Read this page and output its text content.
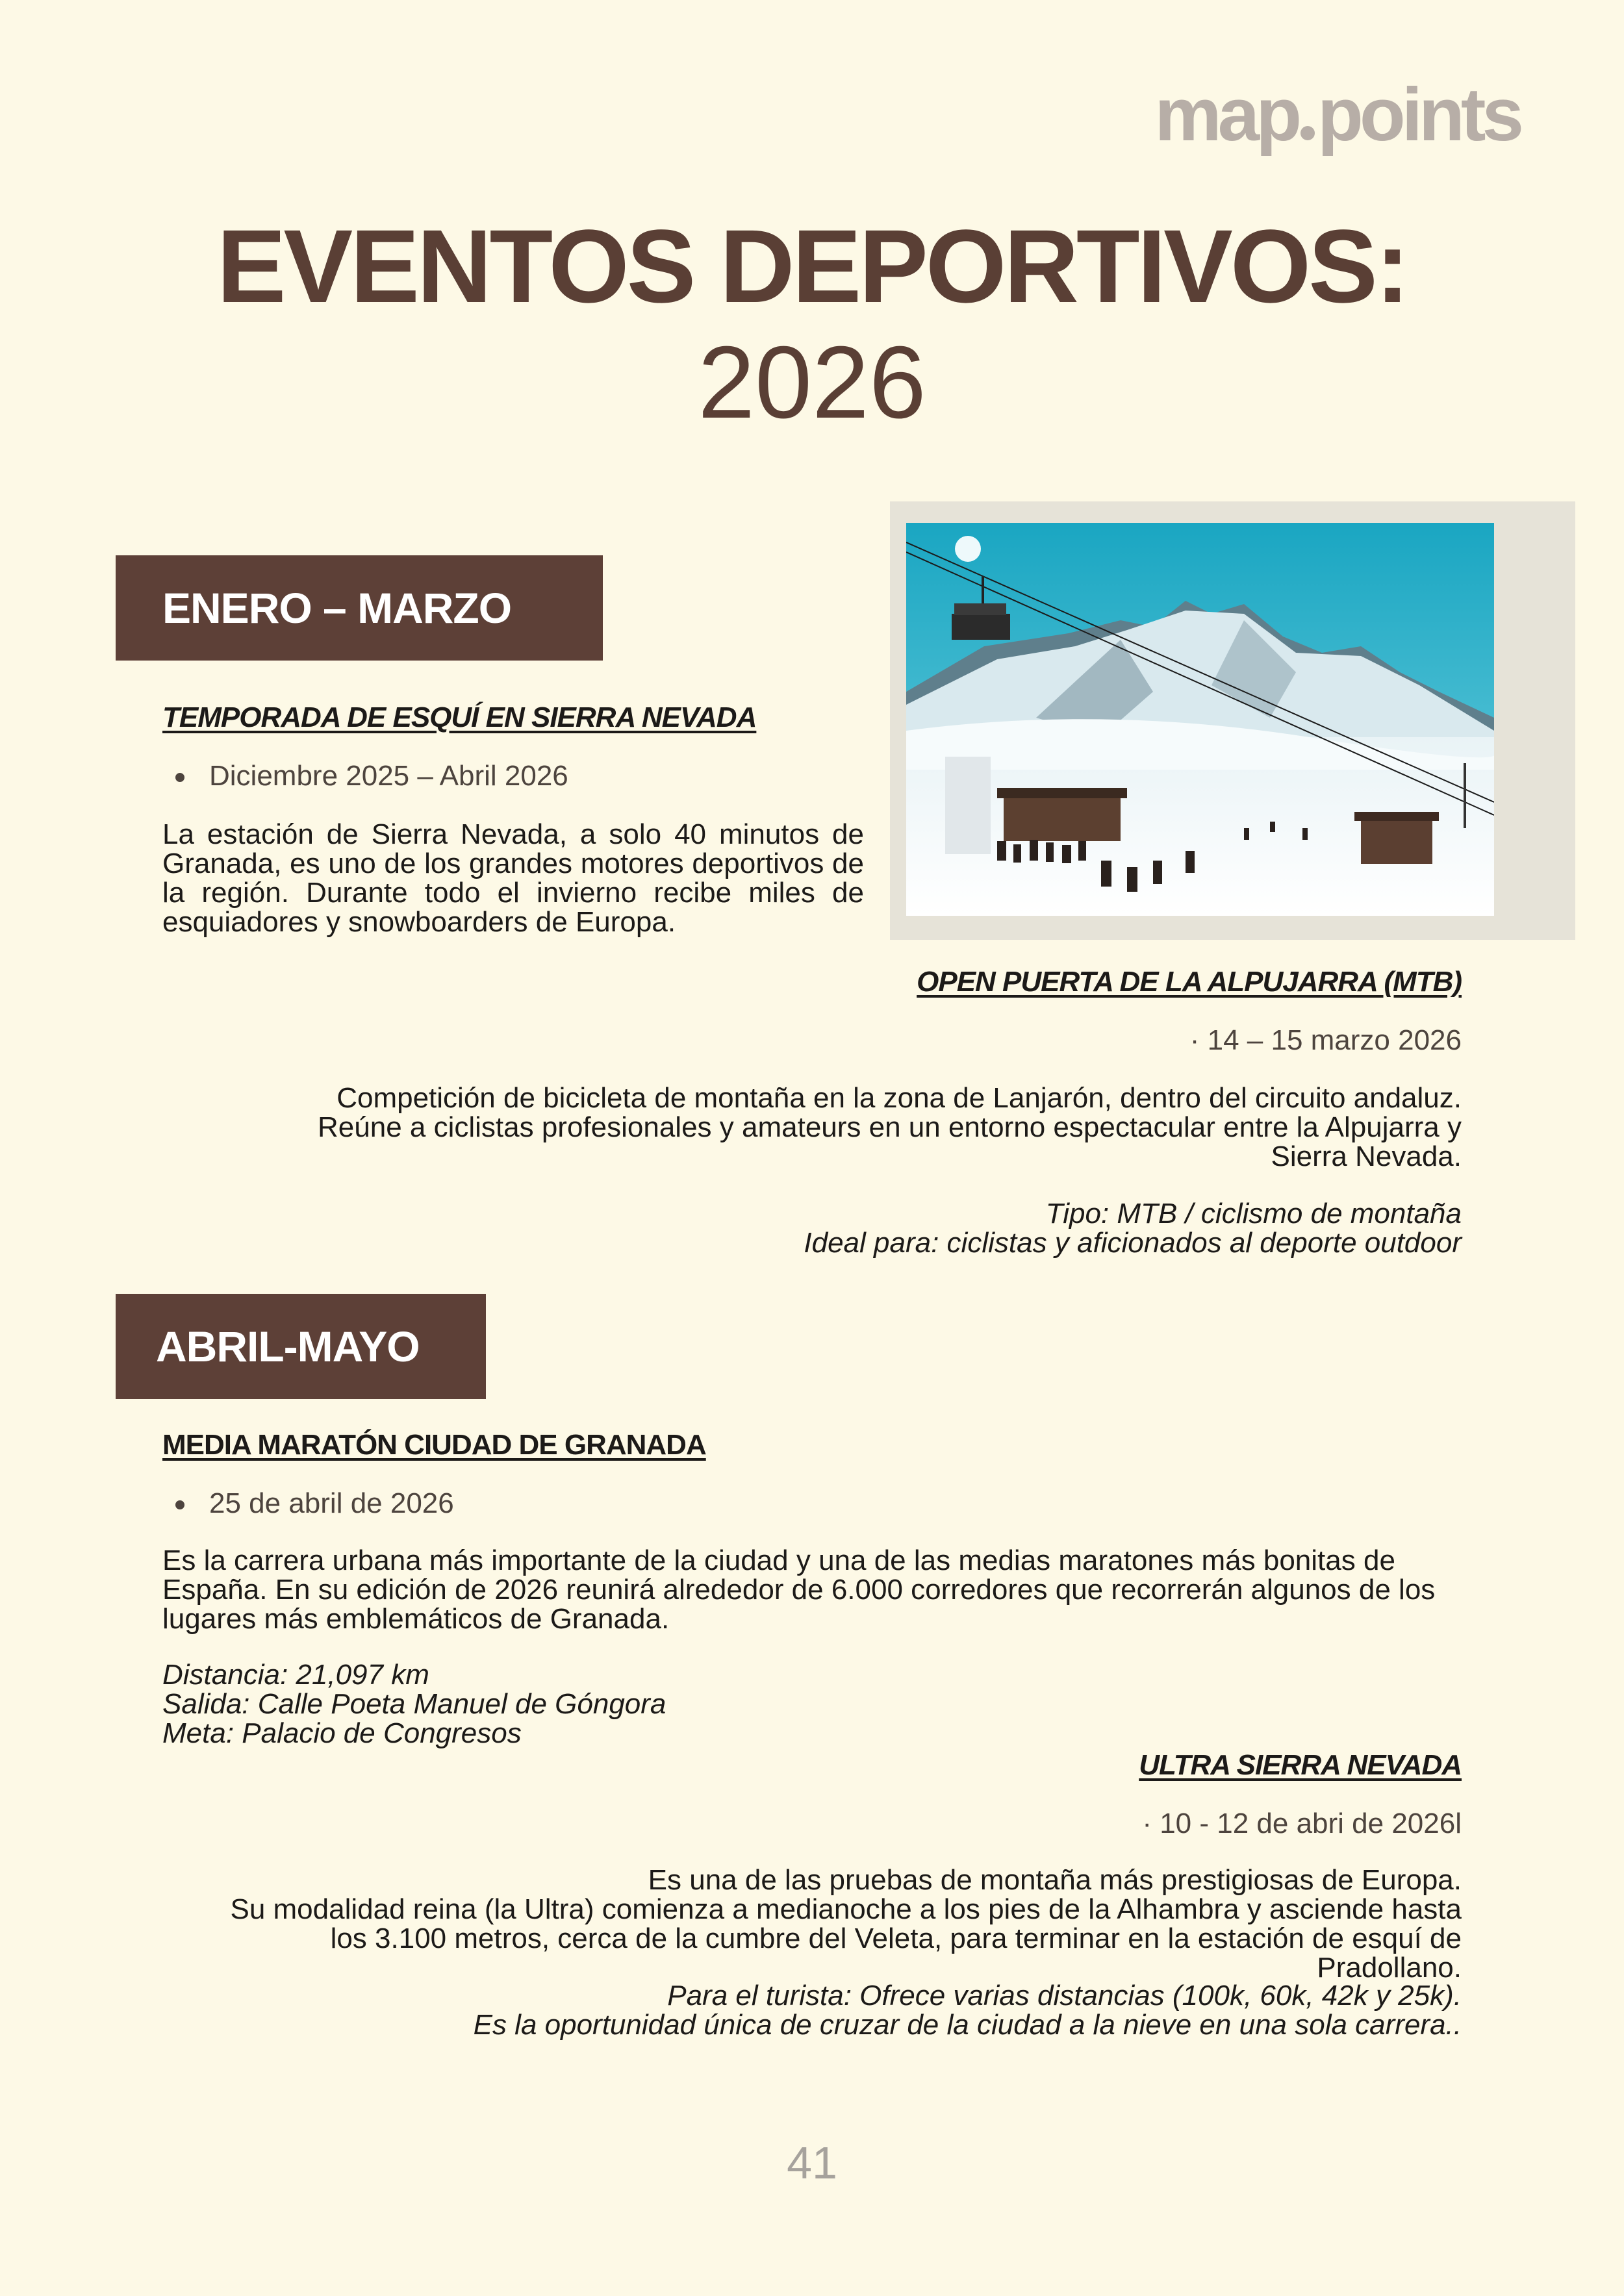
map points
EVENTOS DEPORTIVOS:
2026
ENERO – MARZO
TEMPORADA DE ESQUÍ EN SIERRA NEVADA
Diciembre 2025 – Abril 2026
La estación de Sierra Nevada, a solo 40 minutos de Granada, es uno de los grandes motores deportivos de la región. Durante todo el invierno recibe miles de esquiadores y snowboarders de Europa.
OPEN PUERTA DE LA ALPUJARRA (MTB)
· 14 – 15 marzo 2026
Competición de bicicleta de montaña en la zona de Lanjarón, dentro del circuito andaluz.
Reúne a ciclistas profesionales y amateurs en un entorno espectacular entre la Alpujarra y Sierra Nevada.
Tipo: MTB / ciclismo de montaña
Ideal para: ciclistas y aficionados al deporte outdoor
ABRIL-MAYO
MEDIA MARATÓN CIUDAD DE GRANADA
25 de abril de 2026
Es la carrera urbana más importante de la ciudad y una de las medias maratones más bonitas de España. En su edición de 2026 reunirá alrededor de 6.000 corredores que recorrerán algunos de los lugares más emblemáticos de Granada.
Distancia: 21,097 km
Salida: Calle Poeta Manuel de Góngora
Meta: Palacio de Congresos
ULTRA SIERRA NEVADA
· 10 - 12 de abri de 2026l
Es una de las pruebas de montaña más prestigiosas de Europa.
Su modalidad reina (la Ultra) comienza a medianoche a los pies de la Alhambra y asciende hasta los 3.100 metros, cerca de la cumbre del Veleta, para terminar en la estación de esquí de Pradollano.
Para el turista: Ofrece varias distancias (100k, 60k, 42k y 25k).
Es la oportunidad única de cruzar de la ciudad a la nieve en una sola carrera..
41
